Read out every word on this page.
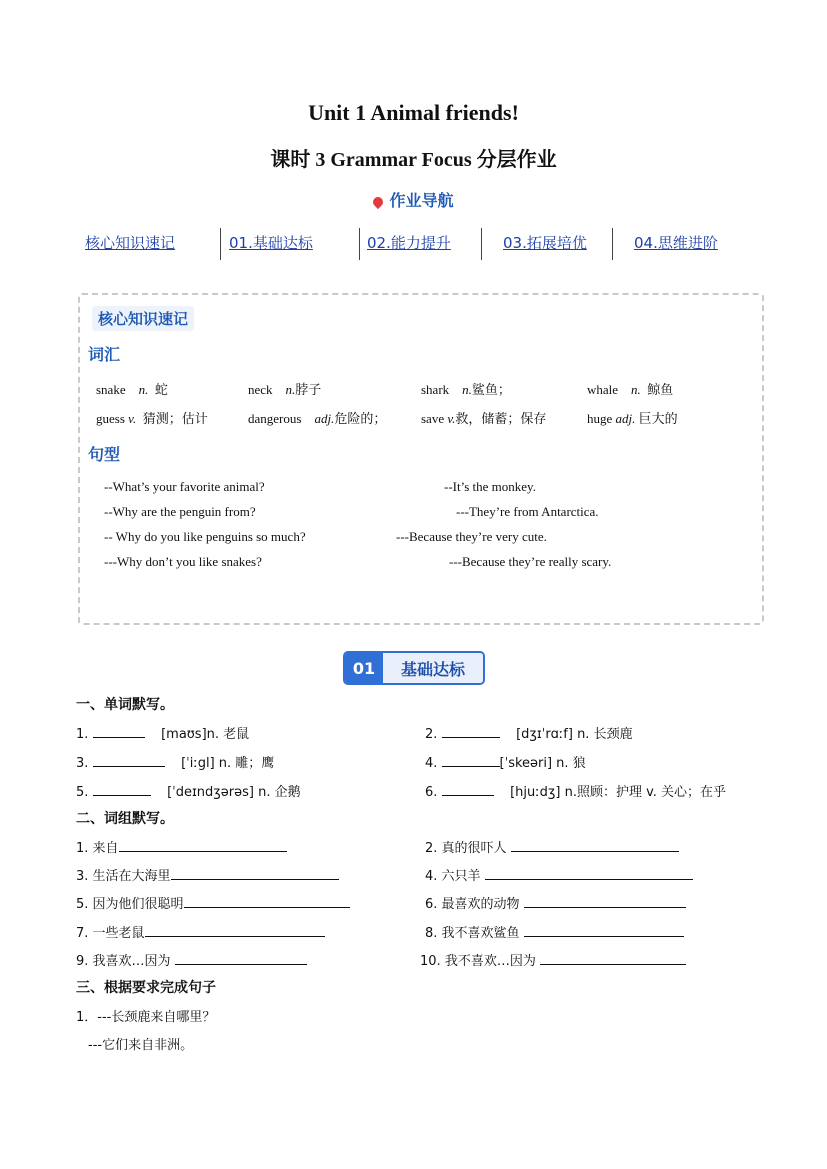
Unit 1 Animal friends!
课时 3 Grammar Focus 分层作业
作业导航
核心知识速记	01.基础达标	02.能力提升	03.拓展培优	04.思维进阶
核心知识速记
词汇
snake n. 蛇	neck n.脖子	shark n.鲨鱼；	whale n. 鲸鱼
guess v. 猜测；估计	dangerous adj.危险的；	save v.救，储蓄；保存	huge adj. 巨大的
句型
--What’s your favorite animal?	--It’s the monkey.
--Why are the penguin from?	---They’re from Antarctica.
-- Why do you like penguins so much?	---Because they’re very cute.
---Why don’t you like snakes?	---Because they’re really scary.
01	基础达标
一、单词默写。
1.	[maʊs]n. 老鼠	2.	[dʒɪˈrɑːf] n. 长颈鹿
3.	[ˈiːgl] n. 雕；鹰	4.	[ˈskeəri] n. 狼
5.	[ˈdeɪndʒərəs] n. 企鹅	6.	[hjuːdʒ] n.照顾：护理 v. 关心；在乎
二、词组默写。
1. 来自	2. 真的很吓人
3. 生活在大海里	4. 六只羊
5. 因为他们很聪明	6. 最喜欢的动物
7. 一些老鼠	8. 我不喜欢鲨鱼
9. 我喜欢…因为	10. 我不喜欢…因为
三、根据要求完成句子
1．---长颈鹿来自哪里？
---它们来自非洲。
